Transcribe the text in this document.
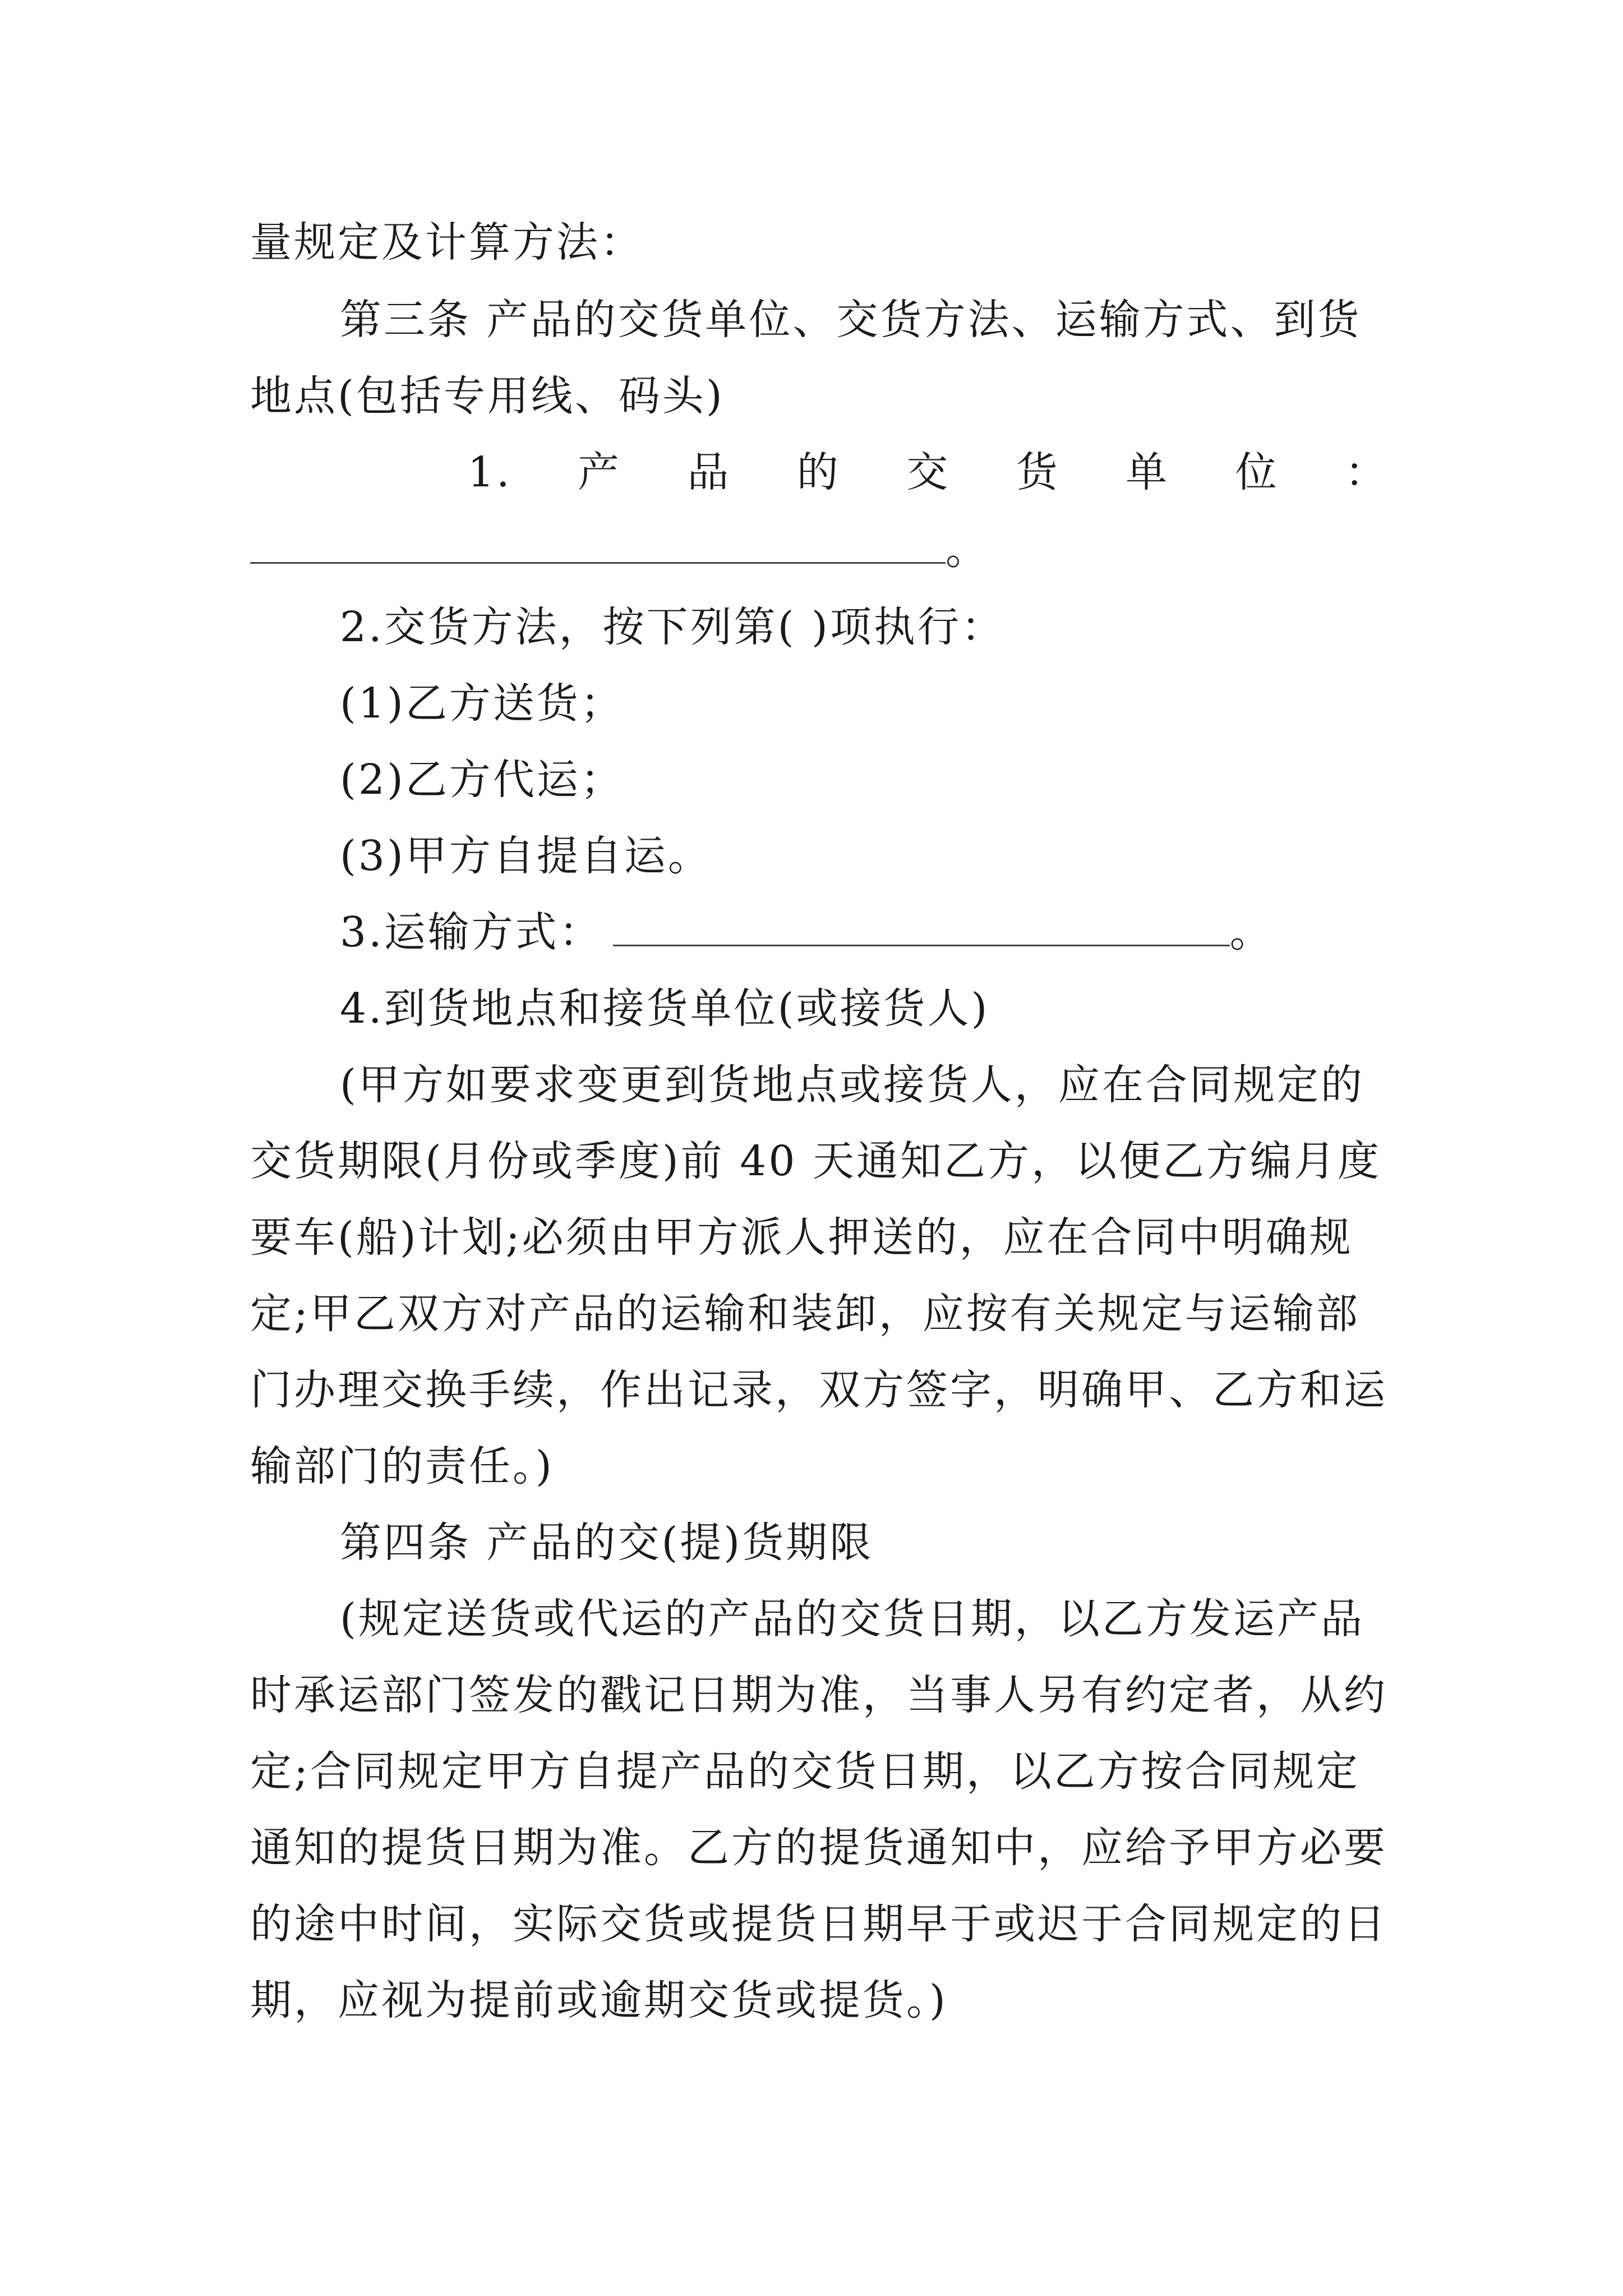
量规定及计算方法：
第三条 产品的交货单位、交货方法、运输方式、到货
地点(包括专用线、码头)
1. 产 品 的 交 货 单 位 ：
。
2.交货方法，按下列第( )项执行：
(1)乙方送货；
(2)乙方代运；
(3)甲方自提自运。
3.运输方式：	。
4.到货地点和接货单位(或接货人)
(甲方如要求变更到货地点或接货人，应在合同规定的
交货期限(月份或季度)前 40 天通知乙方，以便乙方编月度
要车(船)计划;必须由甲方派人押送的，应在合同中明确规
定;甲乙双方对产品的运输和装卸，应按有关规定与运输部
门办理交换手续，作出记录，双方签字，明确甲、乙方和运
输部门的责任。)
第四条 产品的交(提)货期限
(规定送货或代运的产品的交货日期，以乙方发运产品
时承运部门签发的戳记日期为准，当事人另有约定者，从约
定;合同规定甲方自提产品的交货日期，以乙方按合同规定
通知的提货日期为准。乙方的提货通知中，应给予甲方必要
的途中时间，实际交货或提货日期早于或迟于合同规定的日
期，应视为提前或逾期交货或提货。)
